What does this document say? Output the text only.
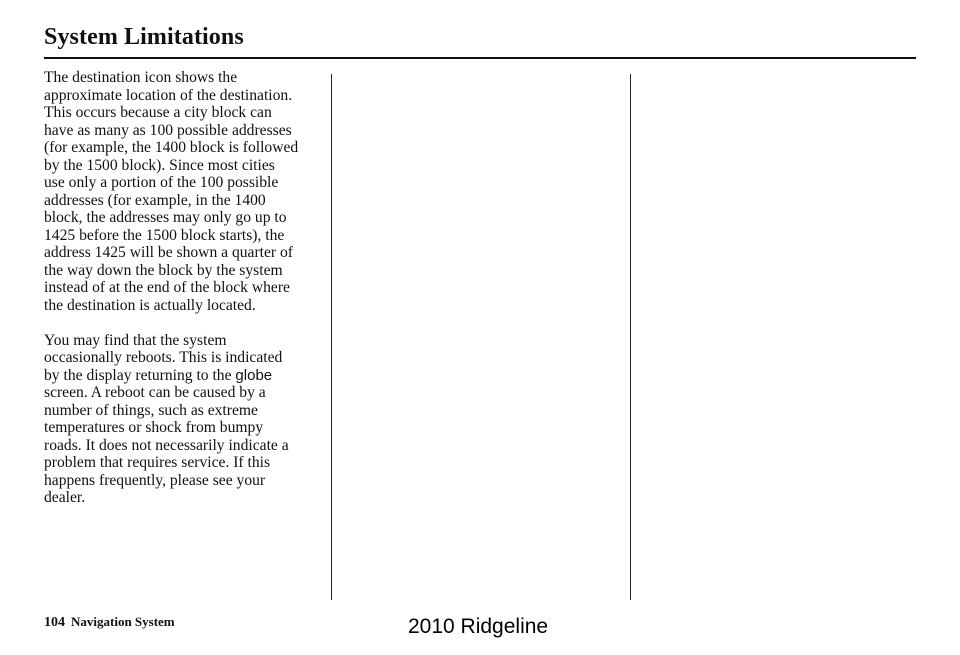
System Limitations

The destination icon shows the
approximate location of the destination.
This occurs because a city block can
have as many as 100 possible addresses
(for example, the 1400 block is followed
by the 1500 block). Since most cities
use only a portion of the 100 possible
addresses (for example, in the 1400
block, the addresses may only go up to
1425 before the 1500 block starts), the
address 1425 will be shown a quarter of
the way down the block by the system
instead of at the end of the block where
the destination is actually located.

You may find that the system
occasionally reboots. This is indicated
by the display returning to the globe
screen. A reboot can be caused by a
number of things, such as extreme
temperatures or shock from bumpy
roads. It does not necessarily indicate a
problem that requires service. If this
happens frequently, please see your
dealer.

104 Navigation System	2010 Ridgeline
